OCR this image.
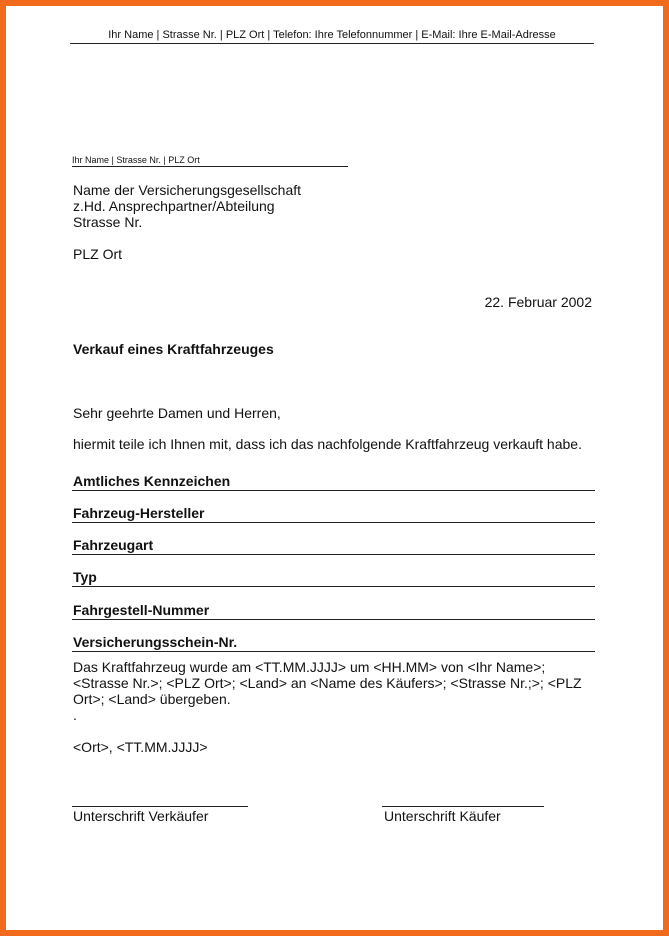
Ihr Name | Strasse Nr. | PLZ Ort | Telefon: Ihre Telefonnummer | E-Mail: Ihre E-Mail-Adresse
Ihr Name | Strasse Nr. | PLZ Ort
Name der Versicherungsgesellschaft
z.Hd. Ansprechpartner/Abteilung
Strasse Nr.
PLZ Ort
22. Februar 2002
Verkauf eines Kraftfahrzeuges
Sehr geehrte Damen und Herren,
hiermit teile ich Ihnen mit, dass ich das nachfolgende Kraftfahrzeug verkauft habe.
Amtliches Kennzeichen
Fahrzeug-Hersteller
Fahrzeugart
Typ
Fahrgestell-Nummer
Versicherungsschein-Nr.
Das Kraftfahrzeug wurde am <TT.MM.JJJJ> um <HH.MM> von <Ihr Name>;
<Strasse Nr.>; <PLZ Ort>; <Land> an <Name des Käufers>; <Strasse Nr.;>; <PLZ
Ort>; <Land> übergeben.
.
<Ort>, <TT.MM.JJJJ>
Unterschrift Verkäufer	Unterschrift Käufer
